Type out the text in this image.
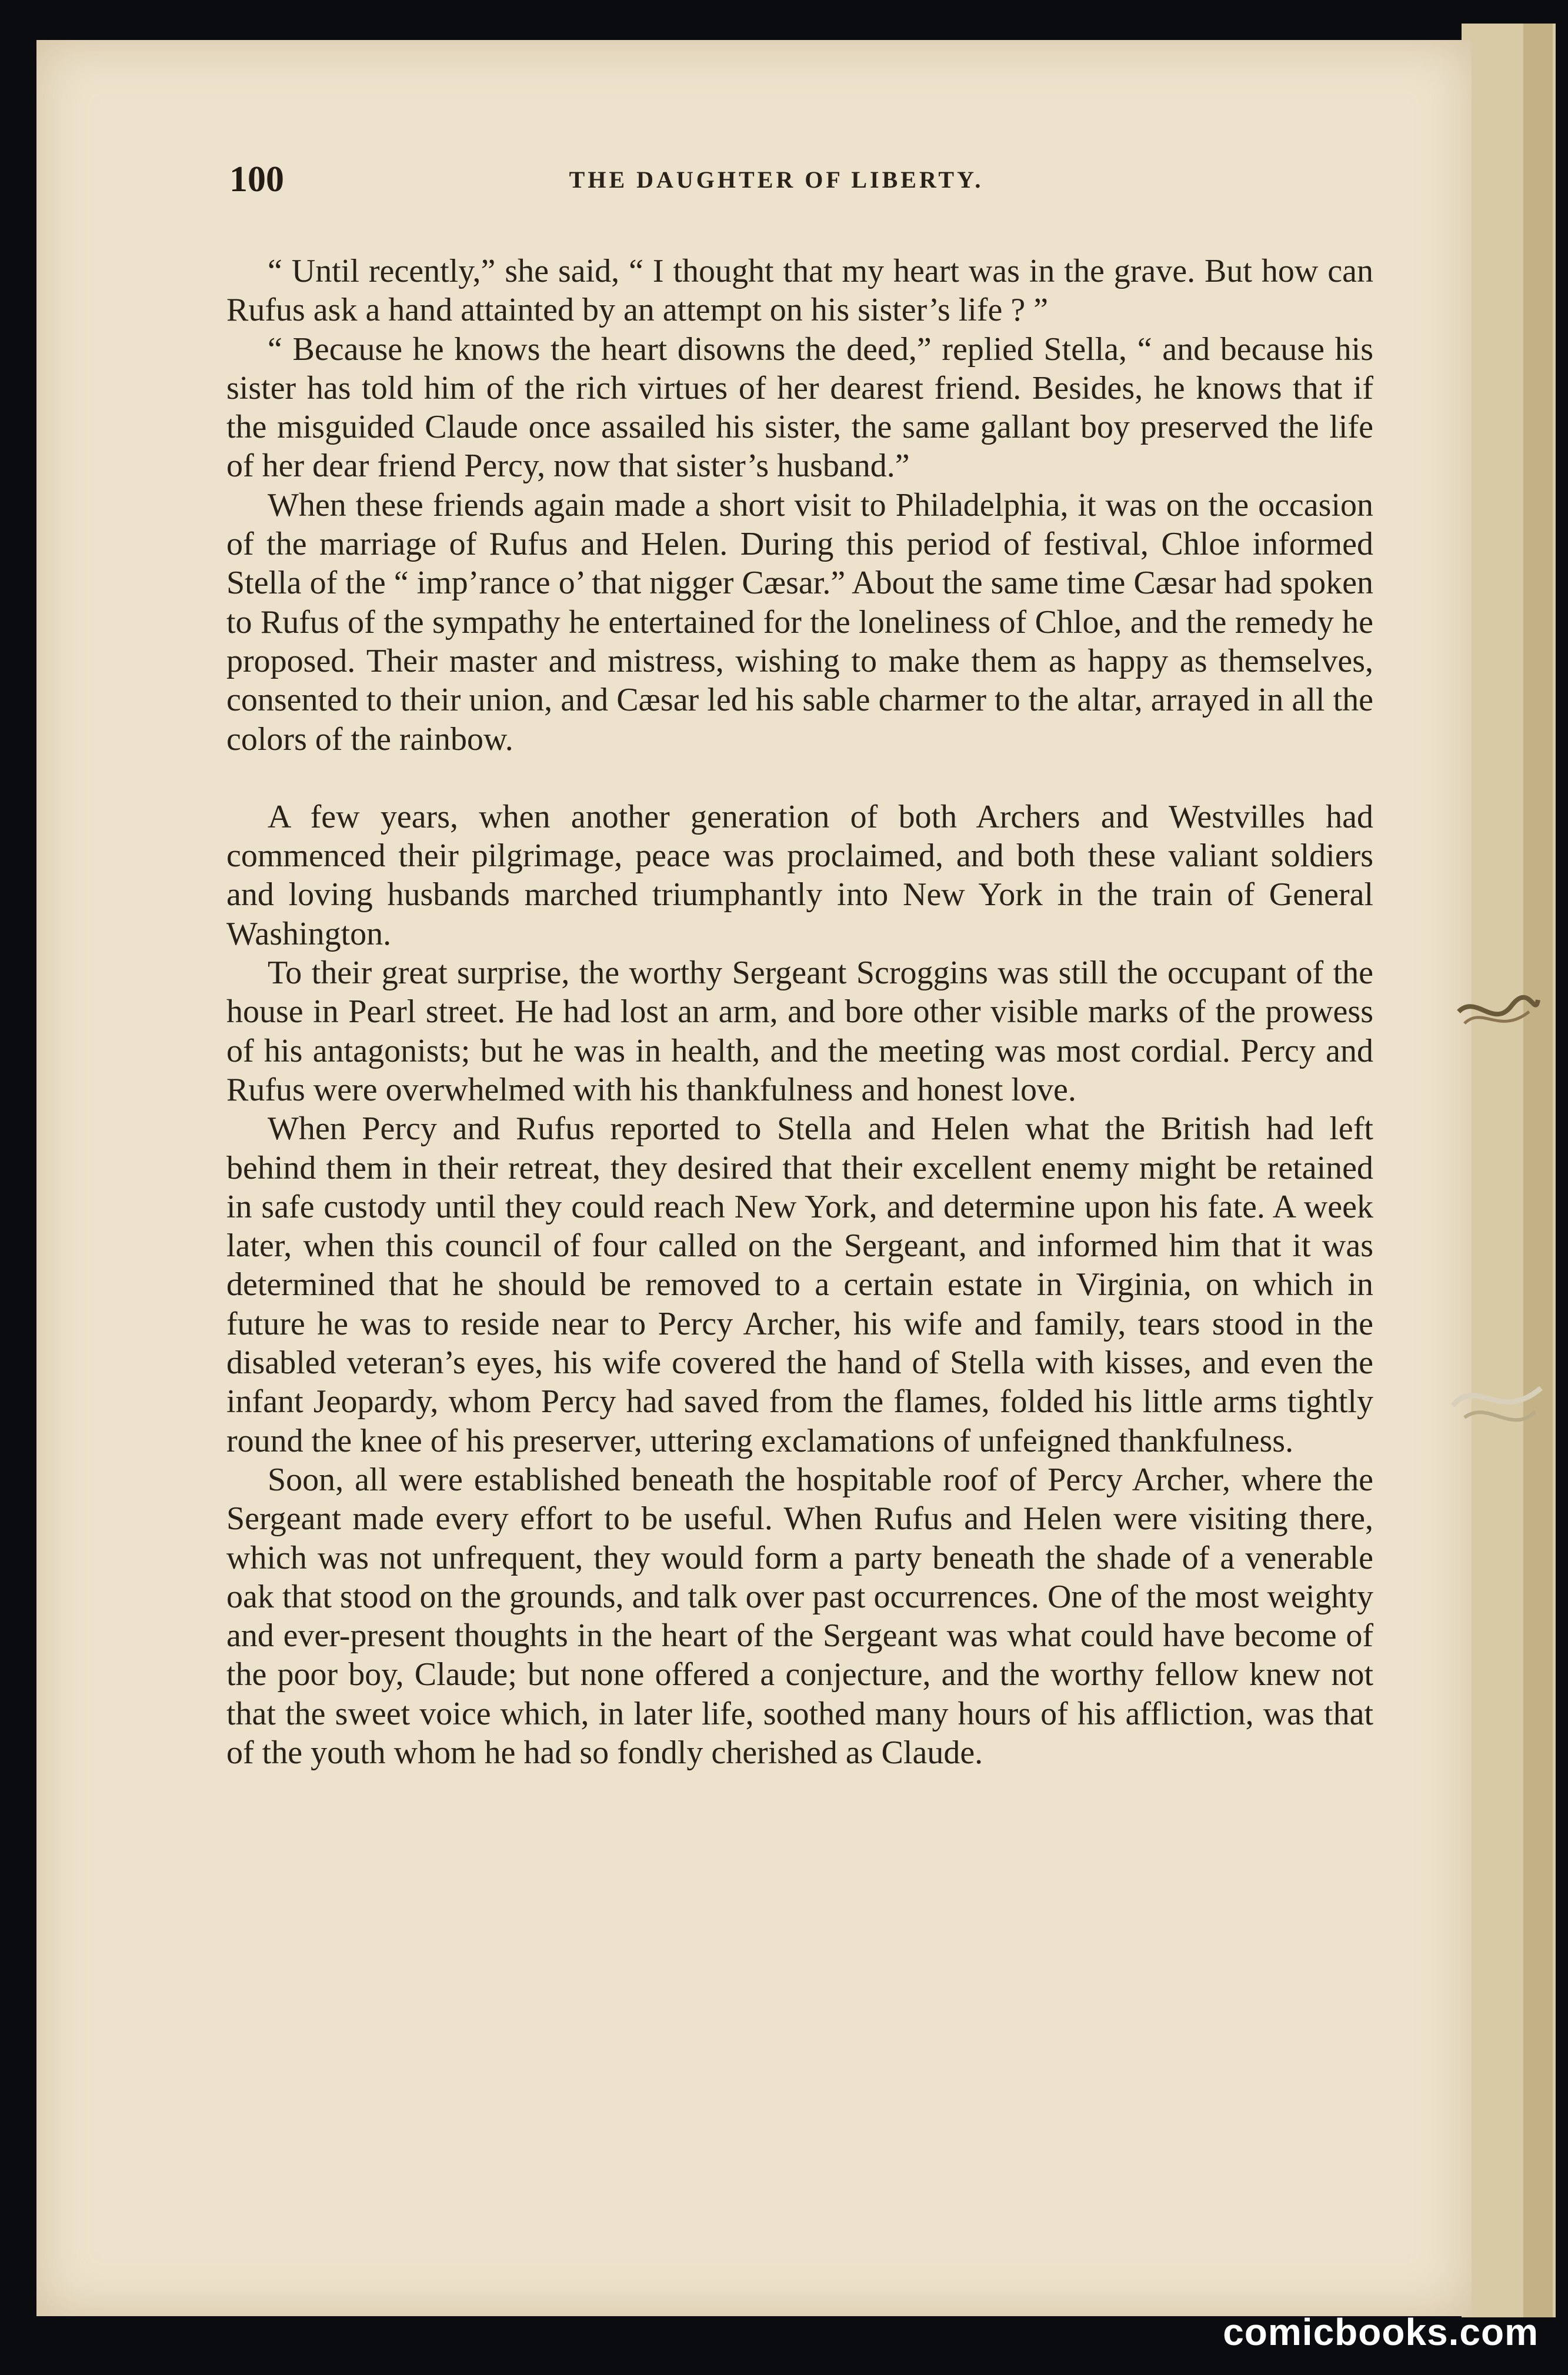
100	THE DAUGHTER OF LIBERTY.

“ Until recently,” she said, “ I thought that my heart was in the grave. But how can Rufus ask a hand attainted by an attempt on his sister’s life ? ”

“ Because he knows the heart disowns the deed,” replied Stella, “ and because his sister has told him of the rich virtues of her dearest friend. Besides, he knows that if the misguided Claude once assailed his sister, the same gallant boy preserved the life of her dear friend Percy, now that sister’s husband.”

When these friends again made a short visit to Philadelphia, it was on the occasion of the marriage of Rufus and Helen. During this period of festival, Chloe informed Stella of the “ imp’rance o’ that nigger Cæsar.” About the same time Cæsar had spoken to Rufus of the sympathy he entertained for the loneliness of Chloe, and the remedy he proposed. Their master and mistress, wishing to make them as happy as themselves, consented to their union, and Cæsar led his sable charmer to the altar, arrayed in all the colors of the rainbow.

A few years, when another generation of both Archers and Westvilles had commenced their pilgrimage, peace was proclaimed, and both these valiant soldiers and loving husbands marched triumphantly into New York in the train of General Washington.

To their great surprise, the worthy Sergeant Scroggins was still the occupant of the house in Pearl street. He had lost an arm, and bore other visible marks of the prowess of his antagonists; but he was in health, and the meeting was most cordial. Percy and Rufus were overwhelmed with his thankfulness and honest love.

When Percy and Rufus reported to Stella and Helen what the British had left behind them in their retreat, they desired that their excellent enemy might be retained in safe custody until they could reach New York, and determine upon his fate. A week later, when this council of four called on the Sergeant, and informed him that it was determined that he should be removed to a certain estate in Virginia, on which in future he was to reside near to Percy Archer, his wife and family, tears stood in the disabled veteran’s eyes, his wife covered the hand of Stella with kisses, and even the infant Jeopardy, whom Percy had saved from the flames, folded his little arms tightly round the knee of his preserver, uttering exclamations of unfeigned thankfulness.

Soon, all were established beneath the hospitable roof of Percy Archer, where the Sergeant made every effort to be useful. When Rufus and Helen were visiting there, which was not unfrequent, they would form a party beneath the shade of a venerable oak that stood on the grounds, and talk over past occurrences. One of the most weighty and ever-present thoughts in the heart of the Sergeant was what could have become of the poor boy, Claude; but none offered a conjecture, and the worthy fellow knew not that the sweet voice which, in later life, soothed many hours of his affliction, was that of the youth whom he had so fondly cherished as Claude.

comicbooks.com
